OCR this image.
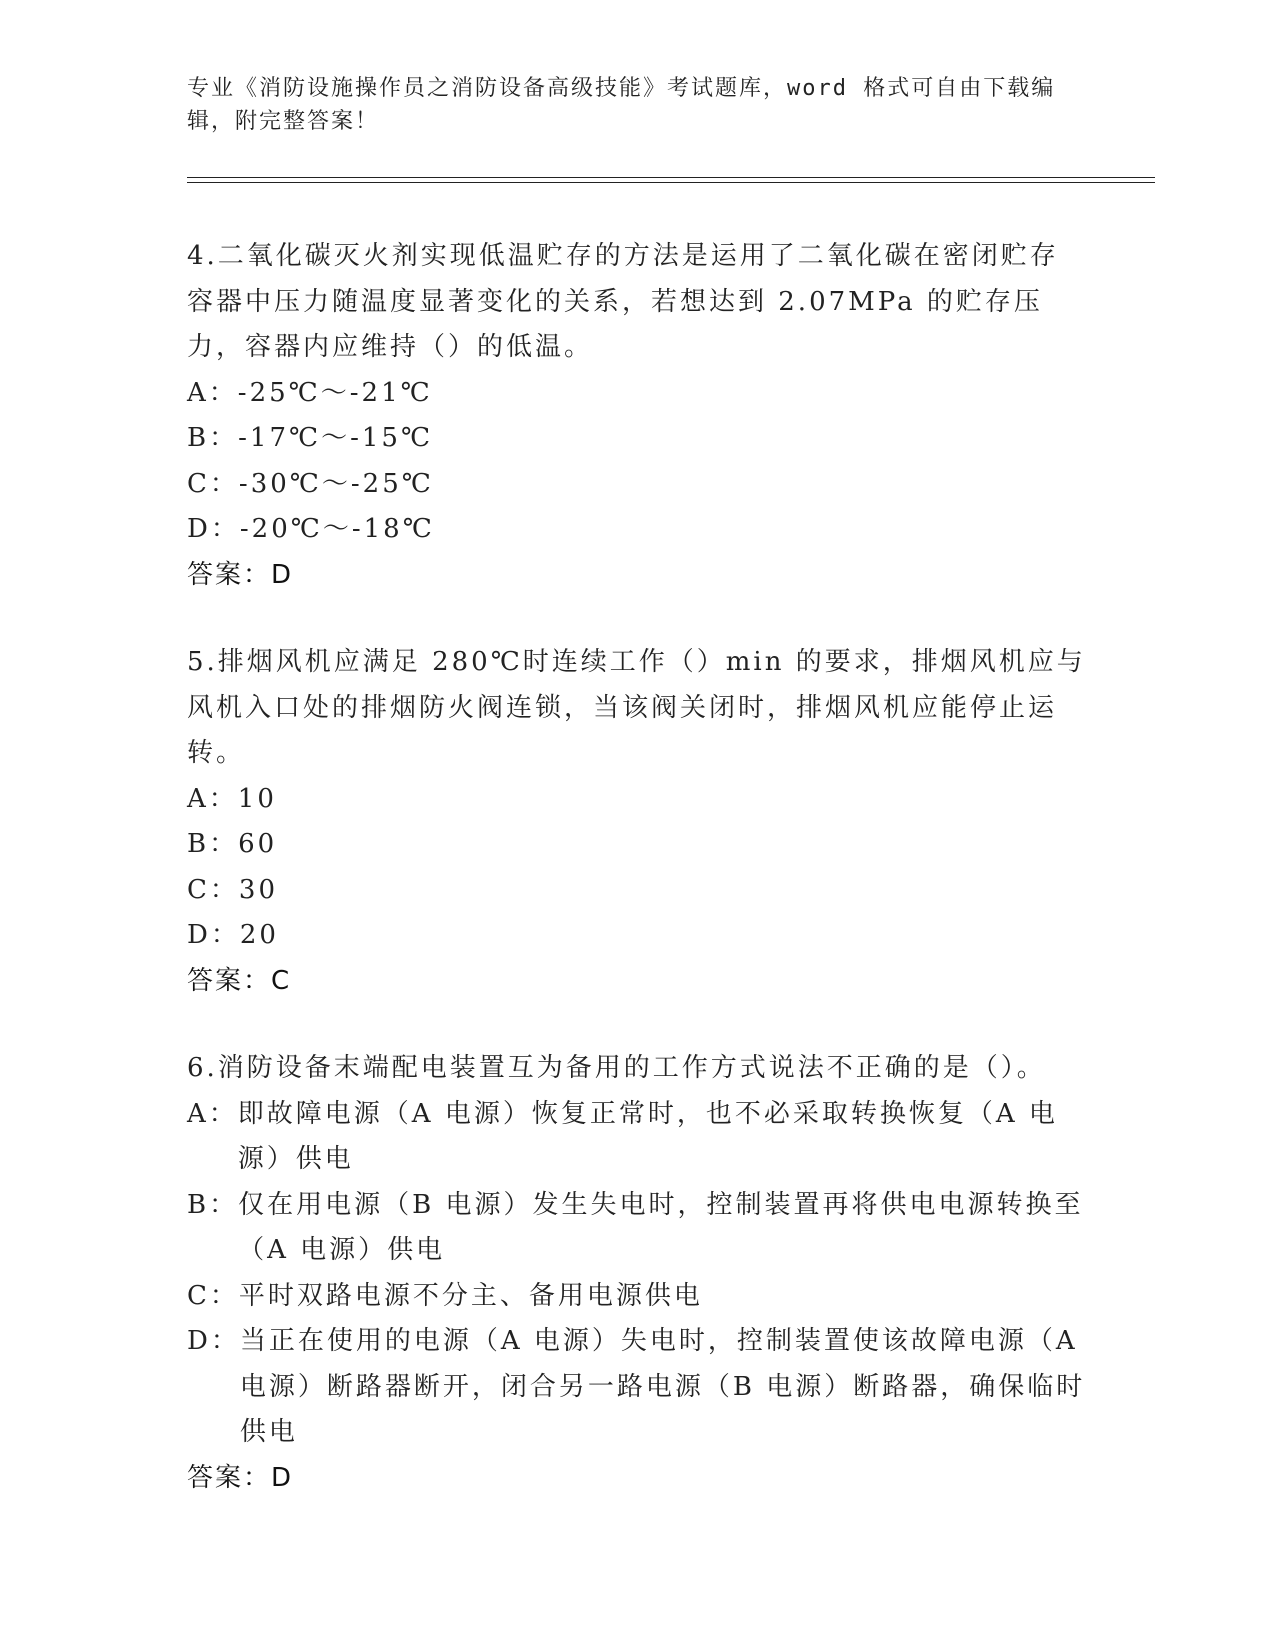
专业《消防设施操作员之消防设备高级技能》考试题库，word 格式可自由下载编辑，附完整答案！

4.二氧化碳灭火剂实现低温贮存的方法是运用了二氧化碳在密闭贮存容器中压力随温度显著变化的关系，若想达到 2.07MPa 的贮存压力，容器内应维持（）的低温。

A ： -25℃～-21℃
B ： -17℃～-15℃
C ： -30℃～-25℃
D ： -20℃～-18℃

答案：D

5.排烟风机应满足 280℃时连续工作（）min 的要求，排烟风机应与风机入口处的排烟防火阀连锁，当该阀关闭时，排烟风机应能停止运转。

A ： 10
B ： 60
C ： 30
D ： 20

答案：C

6.消防设备末端配电装置互为备用的工作方式说法不正确的是（）。

A ： 即故障电源（A 电源）恢复正常时，也不必采取转换恢复（A 电源）供电
B ： 仅在用电源（B 电源）发生失电时，控制装置再将供电电源转换至（A 电源）供电
C ： 平时双路电源不分主、备用电源供电
D ： 当正在使用的电源（A 电源）失电时，控制装置使该故障电源（A 电源）断路器断开，闭合另一路电源（B 电源）断路器，确保临时供电

答案：D
